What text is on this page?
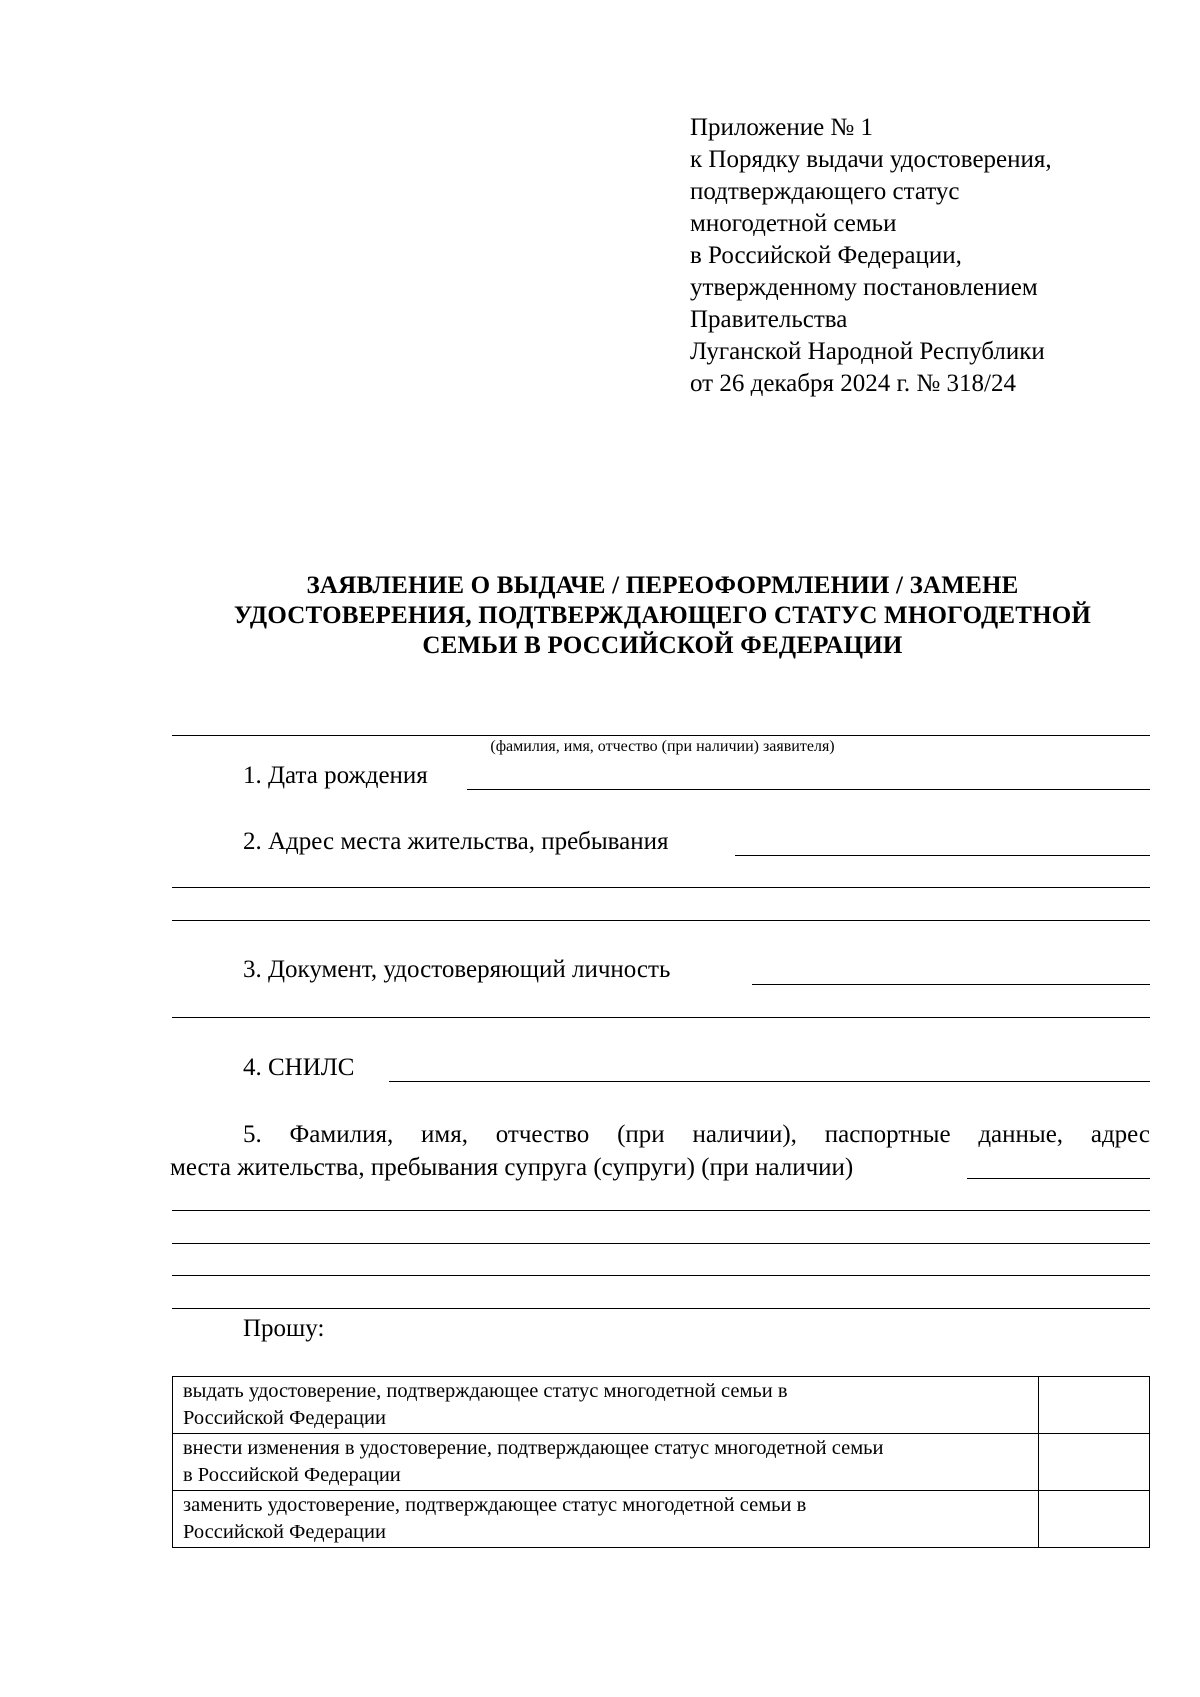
Приложение № 1
к Порядку выдачи удостоверения,
подтверждающего статус
многодетной семьи
в Российской Федерации,
утвержденному постановлением
Правительства
Луганской Народной Республики
от 26 декабря 2024 г. № 318/24
ЗАЯВЛЕНИЕ О ВЫДАЧЕ / ПЕРЕОФОРМЛЕНИИ / ЗАМЕНЕ
УДОСТОВЕРЕНИЯ, ПОДТВЕРЖДАЮЩЕГО СТАТУС МНОГОДЕТНОЙ
СЕМЬИ В РОССИЙСКОЙ ФЕДЕРАЦИИ
(фамилия, имя, отчество (при наличии) заявителя)
1. Дата рождения
2. Адрес места жительства, пребывания
3. Документ, удостоверяющий личность
4. СНИЛС
5. Фамилия, имя, отчество (при наличии), паспортные данные, адрес
места жительства, пребывания супруга (супруги) (при наличии)
Прошу:
выдать удостоверение, подтверждающее статус многодетной семьи в
Российской Федерации	
внести изменения в удостоверение, подтверждающее статус многодетной семьи
в Российской Федерации	
заменить удостоверение, подтверждающее статус многодетной семьи в
Российской Федерации	
